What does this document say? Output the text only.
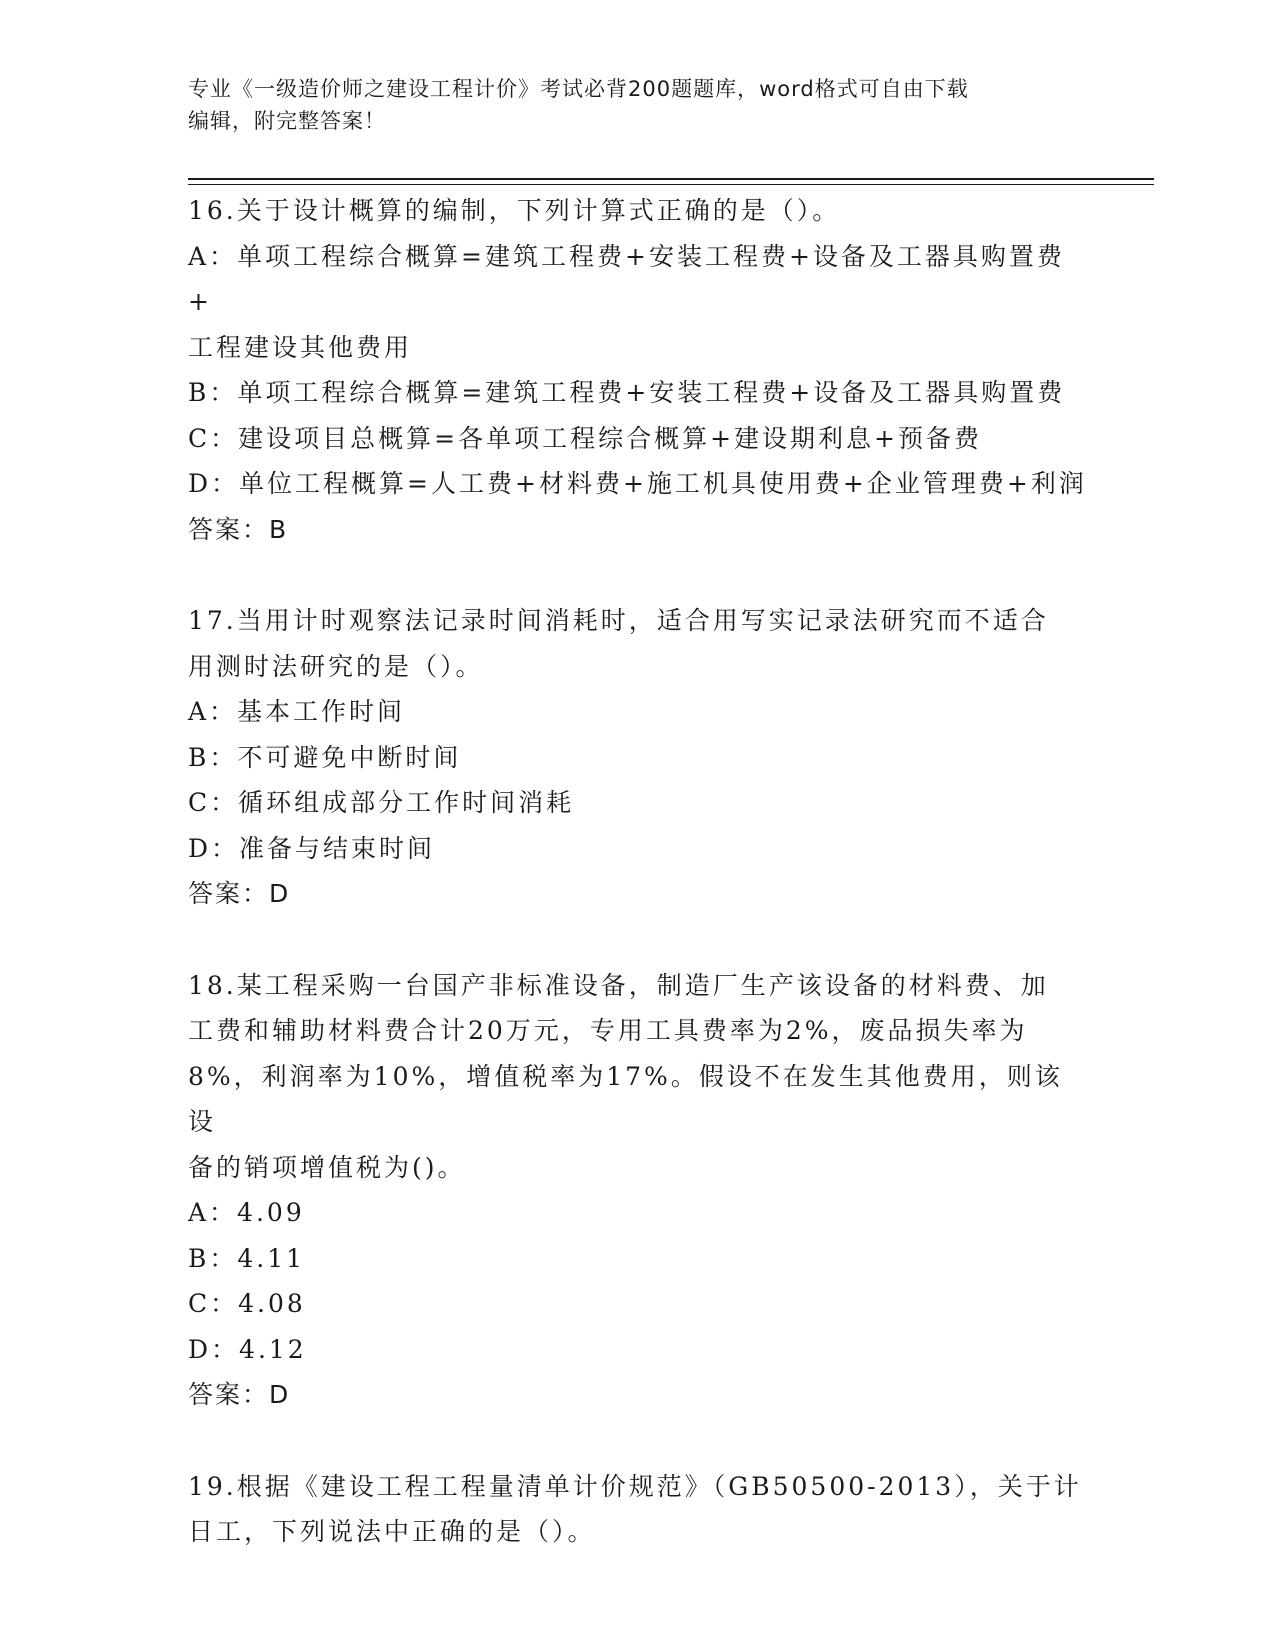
专业《一级造价师之建设工程计价》考试必背200题题库，word格式可自由下载
编辑，附完整答案！
16.关于设计概算的编制，下列计算式正确的是（）。
A：单项工程综合概算=建筑工程费+安装工程费+设备及工器具购置费+
工程建设其他费用
B：单项工程综合概算=建筑工程费+安装工程费+设备及工器具购置费
C：建设项目总概算=各单项工程综合概算+建设期利息+预备费
D：单位工程概算=人工费+材料费+施工机具使用费+企业管理费+利润
答案：B
17.当用计时观察法记录时间消耗时，适合用写实记录法研究而不适合
用测时法研究的是（）。
A：基本工作时间
B：不可避免中断时间
C：循环组成部分工作时间消耗
D：准备与结束时间
答案：D
18.某工程采购一台国产非标准设备，制造厂生产该设备的材料费、加
工费和辅助材料费合计20万元，专用工具费率为2%，废品损失率为
8%，利润率为10%，增值税率为17%。假设不在发生其他费用，则该设
备的销项增值税为()。
A：4.09
B：4.11
C：4.08
D：4.12
答案：D
19.根据《建设工程工程量清单计价规范》（GB50500-2013），关于计
日工，下列说法中正确的是（）。
